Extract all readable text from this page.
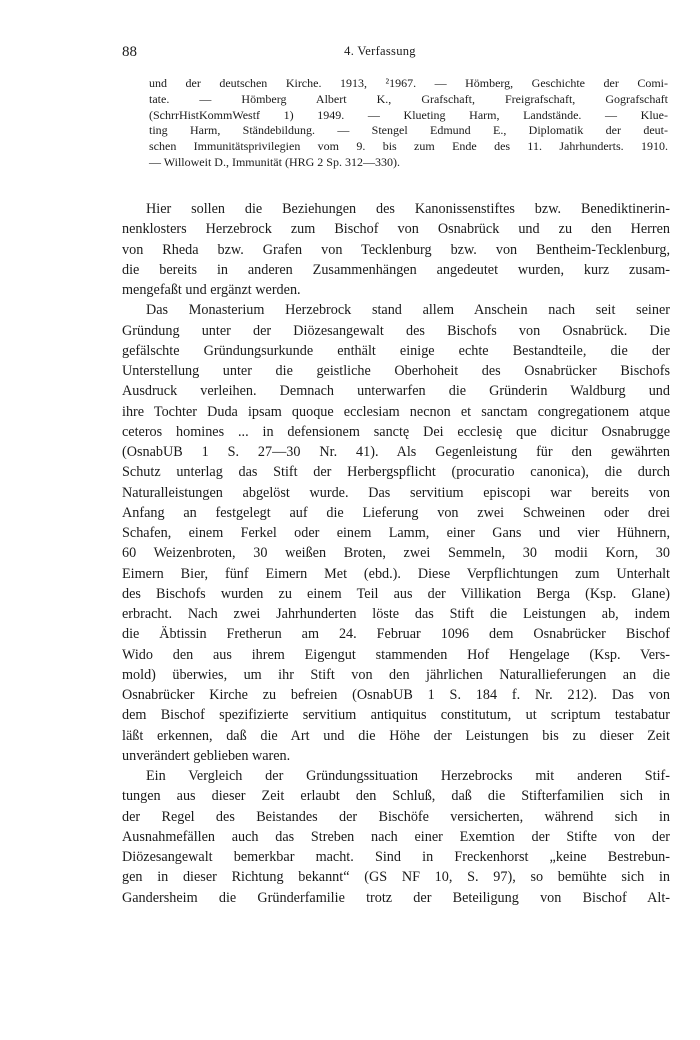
88	4. Verfassung
und der deutschen Kirche. 1913, ²1967. — Hömberg, Geschichte der Comi-
tate. — Hömberg Albert K., Grafschaft, Freigrafschaft, Gografschaft
(SchrrHistKommWestf 1) 1949. — Klueting Harm, Landstände. — Klue-
ting Harm, Ständebildung. — Stengel Edmund E., Diplomatik der deut-
schen Immunitätsprivilegien vom 9. bis zum Ende des 11. Jahrhunderts. 1910.
— Willoweit D., Immunität (HRG 2 Sp. 312—330).
Hier sollen die Beziehungen des Kanonissenstiftes bzw. Benediktinerin-
nenklosters Herzebrock zum Bischof von Osnabrück und zu den Herren
von Rheda bzw. Grafen von Tecklenburg bzw. von Bentheim-Tecklenburg,
die bereits in anderen Zusammenhängen angedeutet wurden, kurz zusam-
mengefaßt und ergänzt werden.
Das Monasterium Herzebrock stand allem Anschein nach seit seiner
Gründung unter der Diözesangewalt des Bischofs von Osnabrück. Die
gefälschte Gründungsurkunde enthält einige echte Bestandteile, die der
Unterstellung unter die geistliche Oberhoheit des Osnabrücker Bischofs
Ausdruck verleihen. Demnach unterwarfen die Gründerin Waldburg und
ihre Tochter Duda ipsam quoque ecclesiam necnon et sanctam congregationem atque
ceteros homines ... in defensionem sanctę Dei ecclesię que dicitur Osnabrugge
(OsnabUB 1 S. 27—30 Nr. 41). Als Gegenleistung für den gewährten
Schutz unterlag das Stift der Herbergspflicht (procuratio canonica), die durch
Naturalleistungen abgelöst wurde. Das servitium episcopi war bereits von
Anfang an festgelegt auf die Lieferung von zwei Schweinen oder drei
Schafen, einem Ferkel oder einem Lamm, einer Gans und vier Hühnern,
60 Weizenbroten, 30 weißen Broten, zwei Semmeln, 30 modii Korn, 30
Eimern Bier, fünf Eimern Met (ebd.). Diese Verpflichtungen zum Unterhalt
des Bischofs wurden zu einem Teil aus der Villikation Berga (Ksp. Glane)
erbracht. Nach zwei Jahrhunderten löste das Stift die Leistungen ab, indem
die Äbtissin Fretherun am 24. Februar 1096 dem Osnabrücker Bischof
Wido den aus ihrem Eigengut stammenden Hof Hengelage (Ksp. Vers-
mold) überwies, um ihr Stift von den jährlichen Naturallieferungen an die
Osnabrücker Kirche zu befreien (OsnabUB 1 S. 184 f. Nr. 212). Das von
dem Bischof spezifizierte servitium antiquitus constitutum, ut scriptum testabatur
läßt erkennen, daß die Art und die Höhe der Leistungen bis zu dieser Zeit
unverändert geblieben waren.
Ein Vergleich der Gründungssituation Herzebrocks mit anderen Stif-
tungen aus dieser Zeit erlaubt den Schluß, daß die Stifterfamilien sich in
der Regel des Beistandes der Bischöfe versicherten, während sich in
Ausnahmefällen auch das Streben nach einer Exemtion der Stifte von der
Diözesangewalt bemerkbar macht. Sind in Freckenhorst „keine Bestrebun-
gen in dieser Richtung bekannt“ (GS NF 10, S. 97), so bemühte sich in
Gandersheim die Gründerfamilie trotz der Beteiligung von Bischof Alt-
